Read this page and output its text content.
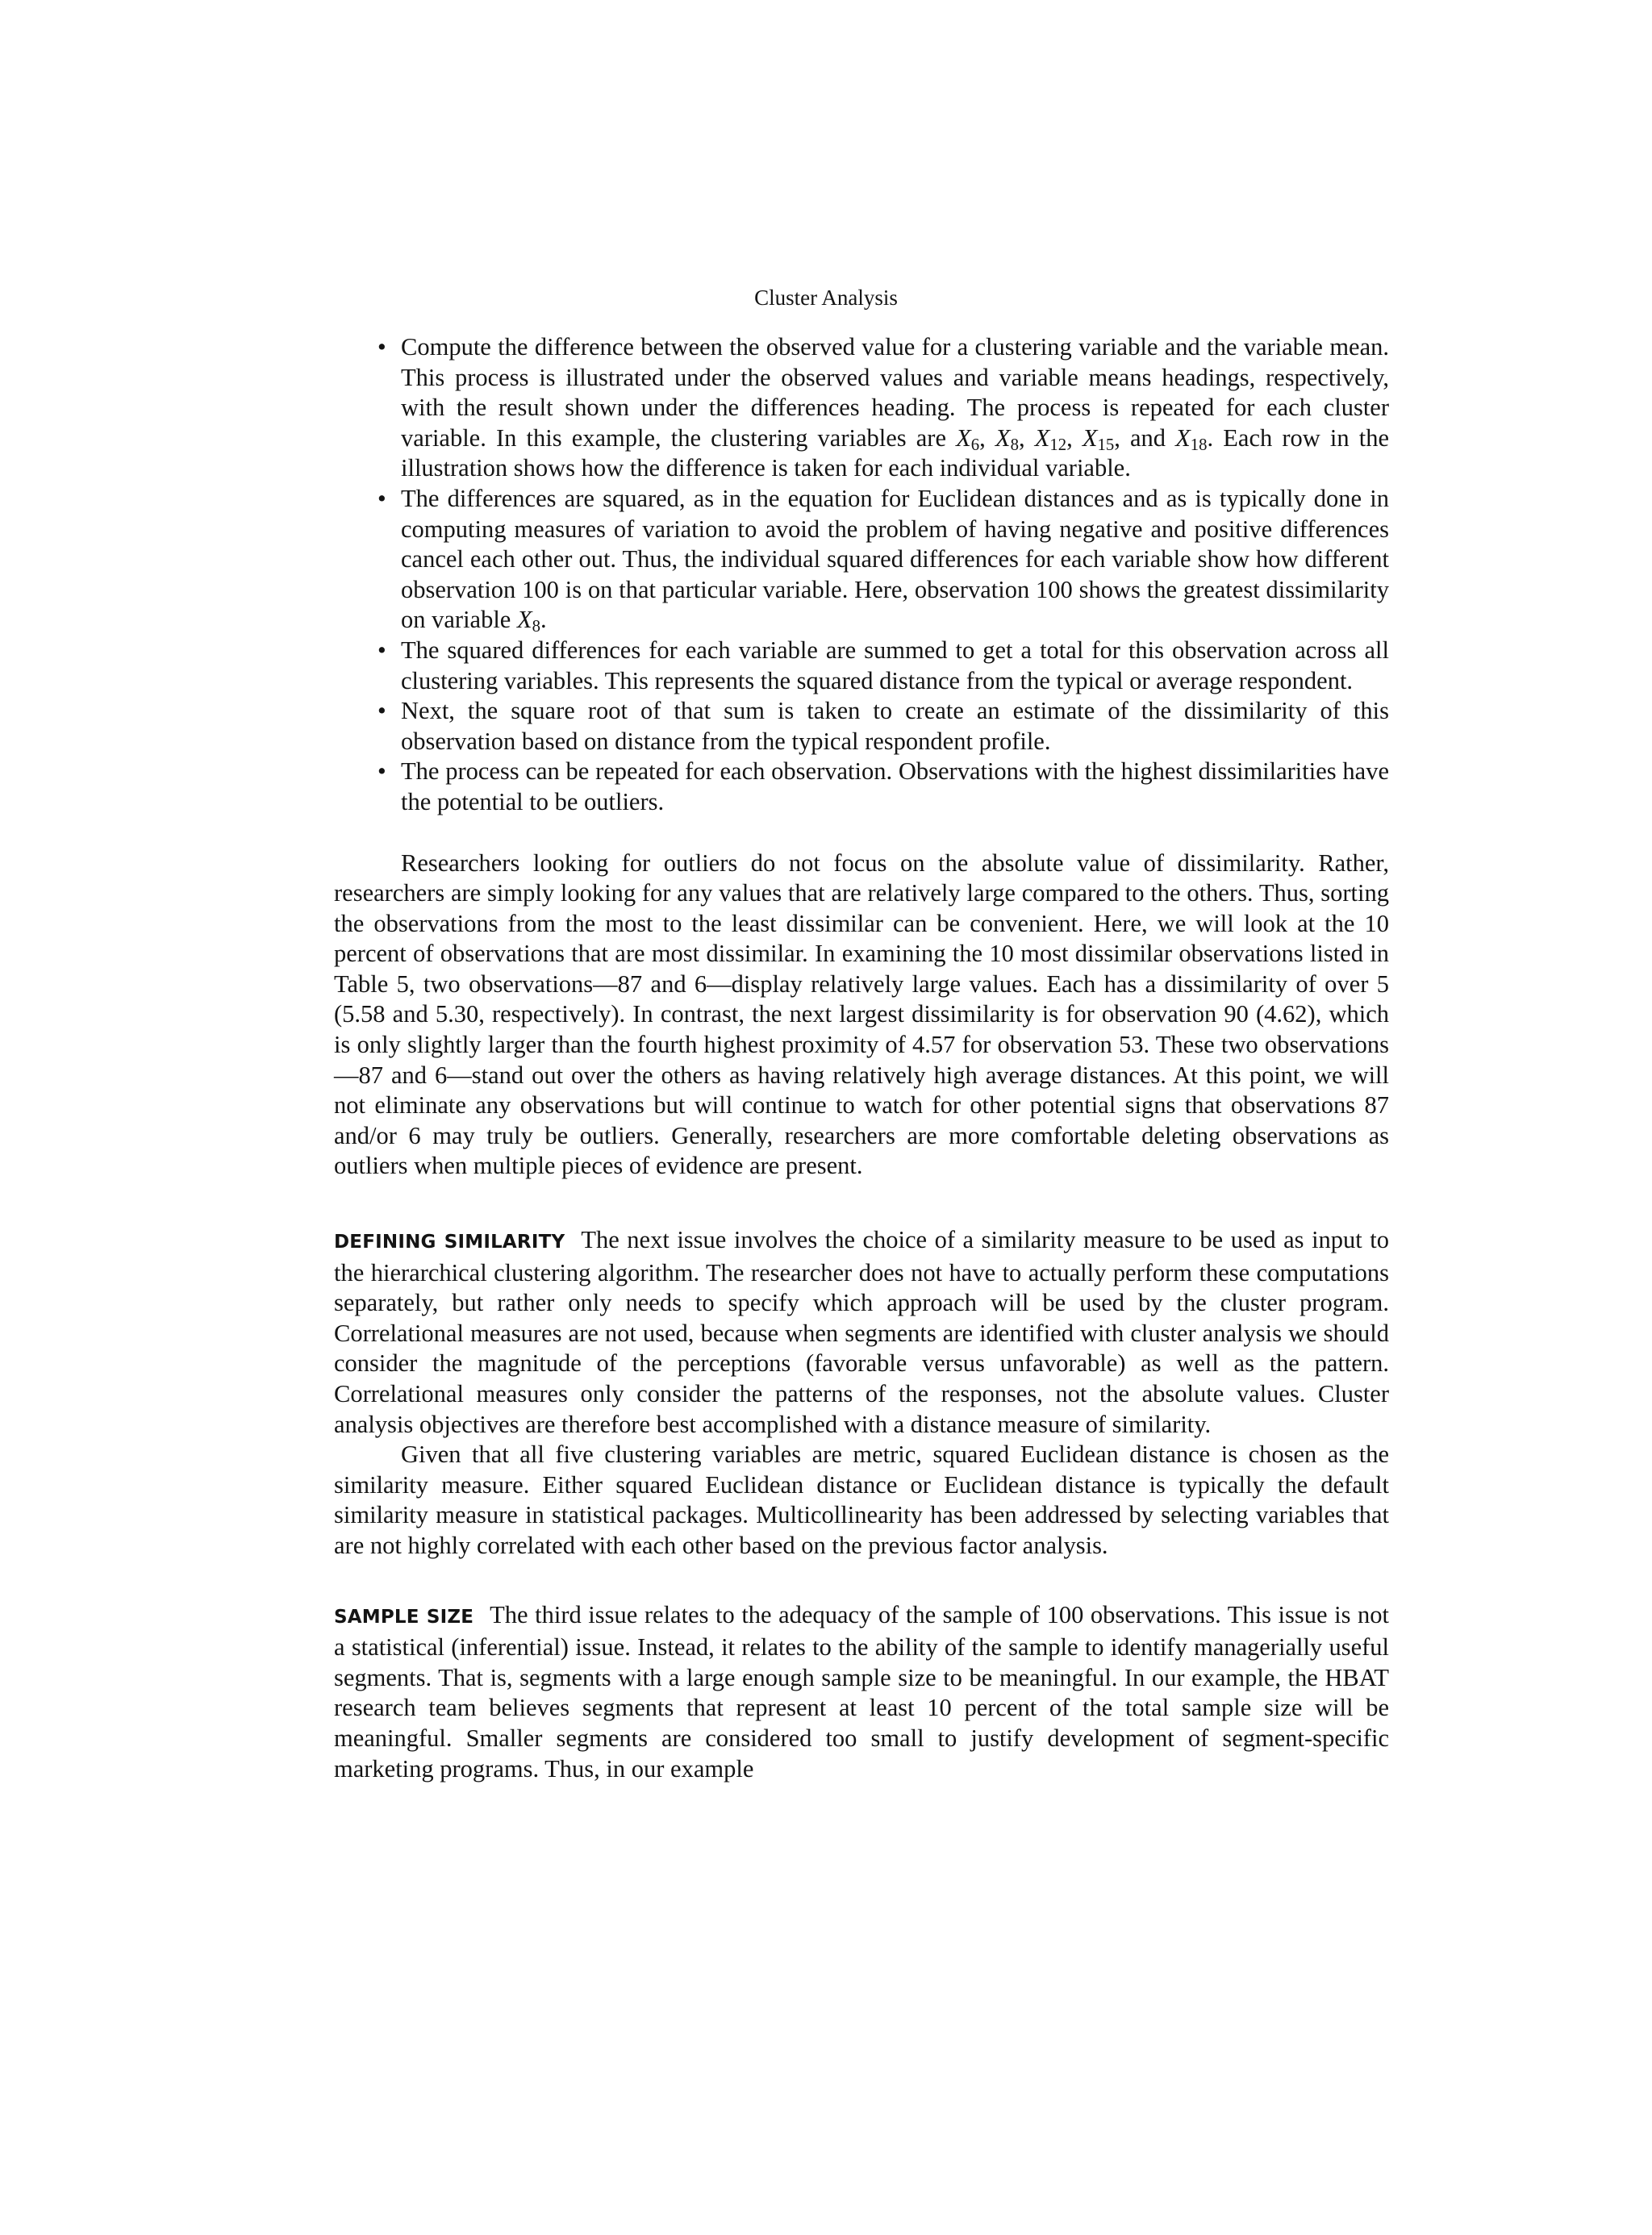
Cluster Analysis
• Compute the difference between the observed value for a clustering variable and the variable mean. This process is illustrated under the observed values and variable means headings, respectively, with the result shown under the differences heading. The process is repeated for each cluster variable. In this example, the clustering variables are $X_6$, $X_8$, $X_{12}$, $X_{15}$, and $X_{18}$. Each row in the illustration shows how the difference is taken for each individual variable.
• The differences are squared, as in the equation for Euclidean distances and as is typically done in computing measures of variation to avoid the problem of having negative and positive differences cancel each other out. Thus, the individual squared differences for each variable show how different observation 100 is on that particular variable. Here, observation 100 shows the greatest dissimilarity on variable $X_8$.
• The squared differences for each variable are summed to get a total for this observation across all clustering variables. This represents the squared distance from the typical or average respondent.
• Next, the square root of that sum is taken to create an estimate of the dissimilarity of this observation based on distance from the typical respondent profile.
• The process can be repeated for each observation. Observations with the highest dissimilarities have the potential to be outliers.

Researchers looking for outliers do not focus on the absolute value of dissimilarity. Rather, researchers are simply looking for any values that are relatively large compared to the others. Thus, sorting the observations from the most to the least dissimilar can be convenient. Here, we will look at the 10 percent of observations that are most dissimilar. In examining the 10 most dissimilar observations listed in Table 5, two observations—87 and 6—display relatively large values. Each has a dissimilarity of over 5 (5.58 and 5.30, respectively). In contrast, the next largest dissimilarity is for observation 90 (4.62), which is only slightly larger than the fourth highest proximity of 4.57 for observation 53. These two observations—87 and 6—stand out over the others as having relatively high average distances. At this point, we will not eliminate any observations but will continue to watch for other potential signs that observations 87 and/or 6 may truly be outliers. Generally, researchers are more comfortable deleting observations as outliers when multiple pieces of evidence are present.

DEFINING SIMILARITY The next issue involves the choice of a similarity measure to be used as input to the hierarchical clustering algorithm. The researcher does not have to actually perform these computations separately, but rather only needs to specify which approach will be used by the cluster program. Correlational measures are not used, because when segments are identified with cluster analysis we should consider the magnitude of the perceptions (favorable versus unfavorable) as well as the pattern. Correlational measures only consider the patterns of the responses, not the absolute values. Cluster analysis objectives are therefore best accomplished with a distance measure of similarity.

Given that all five clustering variables are metric, squared Euclidean distance is chosen as the similarity measure. Either squared Euclidean distance or Euclidean distance is typically the default similarity measure in statistical packages. Multicollinearity has been addressed by selecting variables that are not highly correlated with each other based on the previous factor analysis.

SAMPLE SIZE The third issue relates to the adequacy of the sample of 100 observations. This issue is not a statistical (inferential) issue. Instead, it relates to the ability of the sample to identify managerially useful segments. That is, segments with a large enough sample size to be meaningful. In our example, the HBAT research team believes segments that represent at least 10 percent of the total sample size will be meaningful. Smaller segments are considered too small to justify development of segment-specific marketing programs. Thus, in our example
